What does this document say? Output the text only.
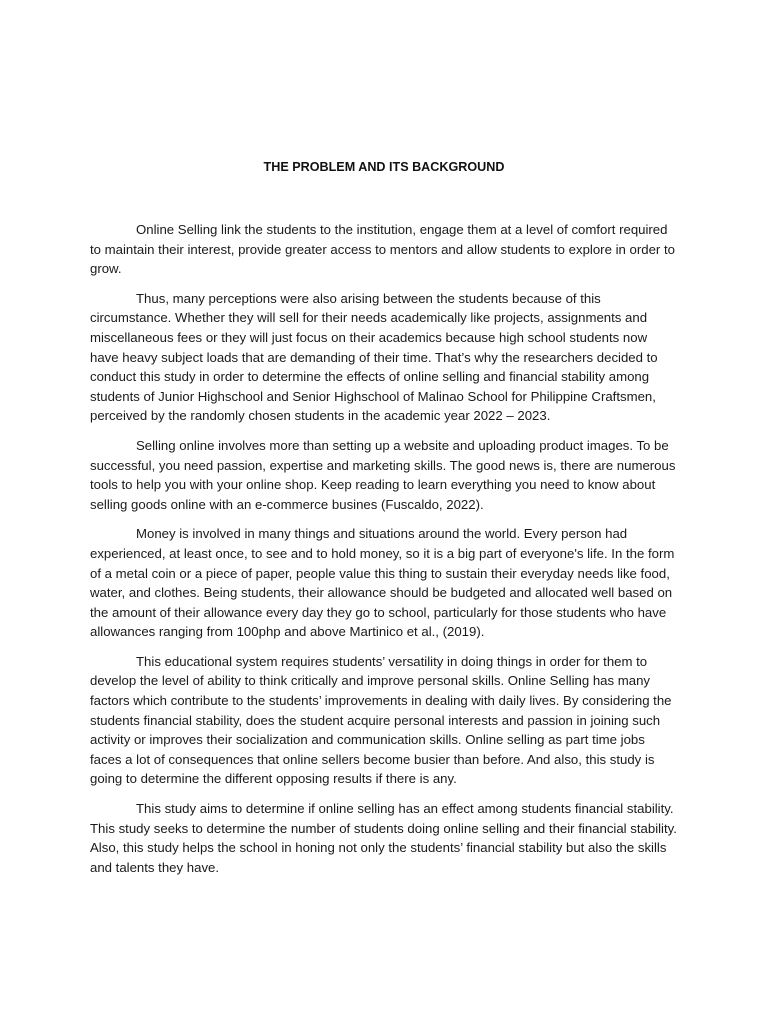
THE PROBLEM AND ITS BACKGROUND

Online Selling link the students to the institution, engage them at a level of comfort required to maintain their interest, provide greater access to mentors and allow students to explore in order to grow.

Thus, many perceptions were also arising between the students because of this circumstance. Whether they will sell for their needs academically like projects, assignments and miscellaneous fees or they will just focus on their academics because high school students now have heavy subject loads that are demanding of their time. That’s why the researchers decided to conduct this study in order to determine the effects of online selling and financial stability among students of Junior Highschool and Senior Highschool of Malinao School for Philippine Craftsmen, perceived by the randomly chosen students in the academic year 2022 – 2023.

Selling online involves more than setting up a website and uploading product images. To be successful, you need passion, expertise and marketing skills. The good news is, there are numerous tools to help you with your online shop. Keep reading to learn everything you need to know about selling goods online with an e-commerce busines (Fuscaldo, 2022).

Money is involved in many things and situations around the world. Every person had experienced, at least once, to see and to hold money, so it is a big part of everyone's life. In the form of a metal coin or a piece of paper, people value this thing to sustain their everyday needs like food, water, and clothes. Being students, their allowance should be budgeted and allocated well based on the amount of their allowance every day they go to school, particularly for those students who have allowances ranging from 100php and above Martinico et al., (2019).

This educational system requires students’ versatility in doing things in order for them to develop the level of ability to think critically and improve personal skills. Online Selling has many factors which contribute to the students’ improvements in dealing with daily lives. By considering the students financial stability, does the student acquire personal interests and passion in joining such activity or improves their socialization and communication skills. Online selling as part time jobs faces a lot of consequences that online sellers become busier than before. And also, this study is going to determine the different opposing results if there is any.

This study aims to determine if online selling has an effect among students financial stability. This study seeks to determine the number of students doing online selling and their financial stability. Also, this study helps the school in honing not only the students’ financial stability but also the skills and talents they have.
